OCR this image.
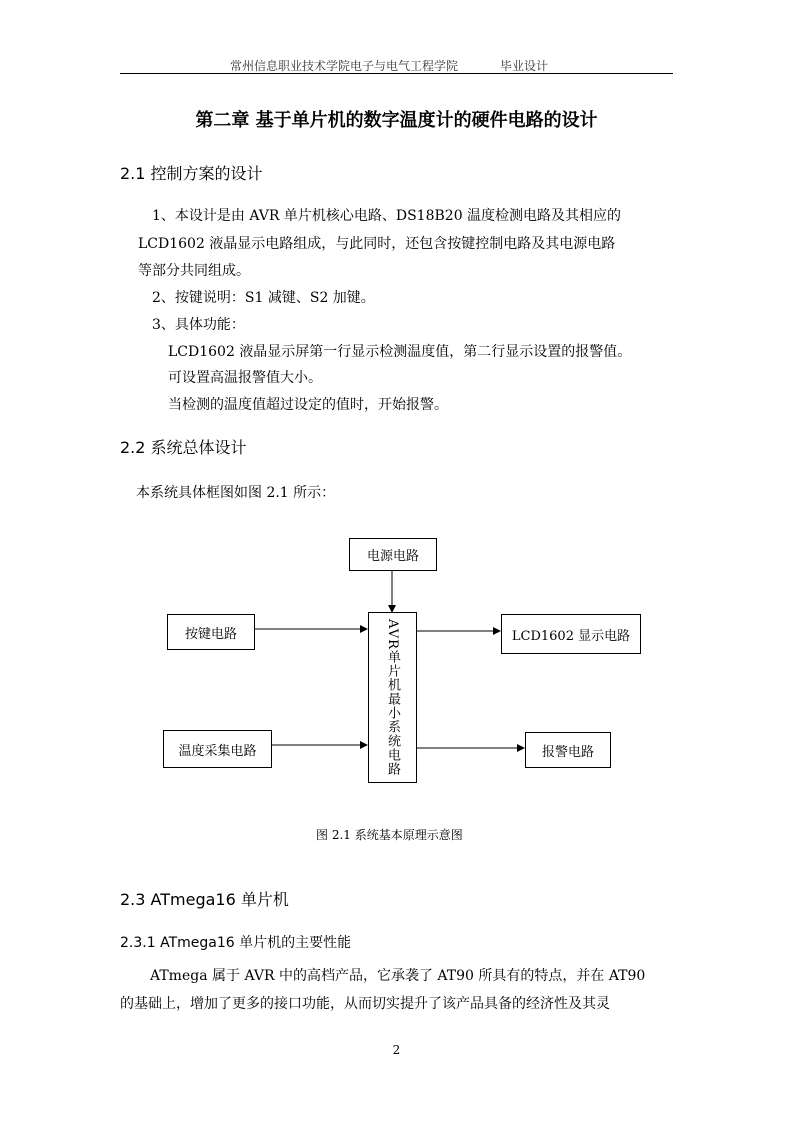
常州信息职业技术学院电子与电气工程学院	毕业设计
第二章 基于单片机的数字温度计的硬件电路的设计
2.1 控制方案的设计
1、本设计是由 AVR 单片机核心电路、DS18B20 温度检测电路及其相应的
LCD1602 液晶显示电路组成，与此同时，还包含按键控制电路及其电源电路
等部分共同组成。
2、按键说明：S1 减键、S2 加键。
3、具体功能：
LCD1602 液晶显示屏第一行显示检测温度值，第二行显示设置的报警值。
可设置高温报警值大小。
当检测的温度值超过设定的值时，开始报警。
2.2 系统总体设计
本系统具体框图如图 2.1 所示：
电源电路
按键电路	AVR单片机最小系统电路
LCD1602 显示电路
温度采集电路	报警电路
图 2.1 系统基本原理示意图
2.3 ATmega16 单片机
2.3.1 ATmega16 单片机的主要性能
ATmega 属于 AVR 中的高档产品，它承袭了 AT90 所具有的特点，并在 AT90
的基础上，增加了更多的接口功能，从而切实提升了该产品具备的经济性及其灵
2
